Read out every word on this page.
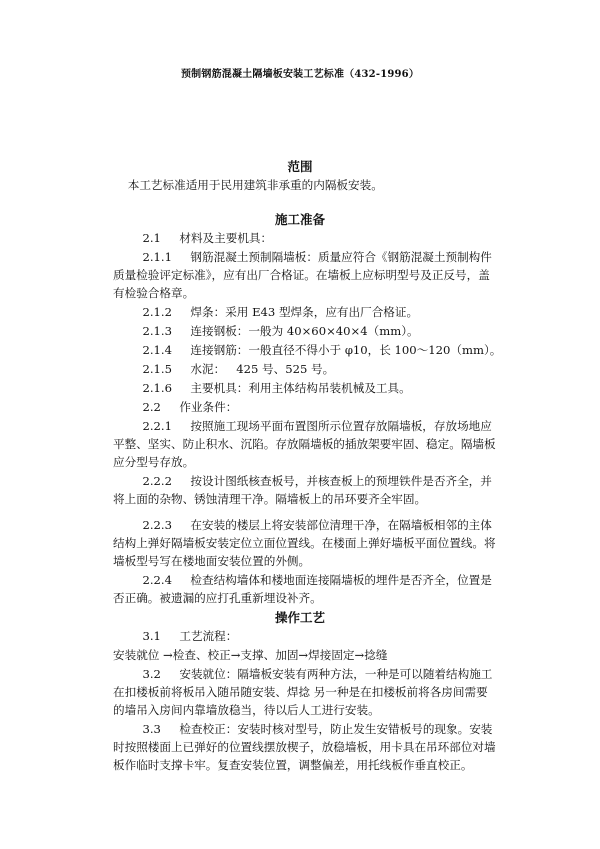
预制钢筋混凝土隔墙板安装工艺标准（432-1996）
范围
本工艺标准适用于民用建筑非承重的内隔板安装。
施工准备
2.1     材料及主要机具：
2.1.1     钢筋混凝土预制隔墙板：质量应符合《钢筋混凝土预制构件质量检验评定标准》，应有出厂合格证。在墙板上应标明型号及正反号，盖有检验合格章。
2.1.2     焊条：采用 E43 型焊条，应有出厂合格证。
2.1.3     连接钢板：一般为 40×60×40×4（mm）。
2.1.4     连接钢筋：一般直径不得小于 φ10，长 100～120（mm）。
2.1.5     水泥：   425 号、525 号。
2.1.6     主要机具：利用主体结构吊装机械及工具。
2.2     作业条件：
2.2.1     按照施工现场平面布置图所示位置存放隔墙板，存放场地应平整、坚实、防止积水、沉陷。存放隔墙板的插放架要牢固、稳定。隔墙板应分型号存放。
2.2.2     按设计图纸核查板号，并核查板上的预埋铁件是否齐全，并将上面的杂物、锈蚀清理干净。隔墙板上的吊环要齐全牢固。
2.2.3     在安装的楼层上将安装部位清理干净，在隔墙板相邻的主体结构上弹好隔墙板安装定位立面位置线。在楼面上弹好墙板平面位置线。将墙板型号写在楼地面安装位置的外侧。
2.2.4     检查结构墙体和楼地面连接隔墙板的埋件是否齐全，位置是否正确。被遗漏的应打孔重新埋设补齐。
操作工艺
3.1     工艺流程：
安装就位 →检查、校正→支撑、加固→焊接固定→捻缝
3.2     安装就位：隔墙板安装有两种方法，一种是可以随着结构施工在扣楼板前将板吊入随吊随安装、焊捻 另一种是在扣楼板前将各房间需要的墙吊入房间内靠墙放稳当，待以后人工进行安装。
3.3     检查校正：安装时核对型号，防止发生安错板号的现象。安装时按照楼面上已弹好的位置线摆放楔子，放稳墙板，用卡具在吊环部位对墙板作临时支撑卡牢。复查安装位置，调整偏差，用托线板作垂直校正。
